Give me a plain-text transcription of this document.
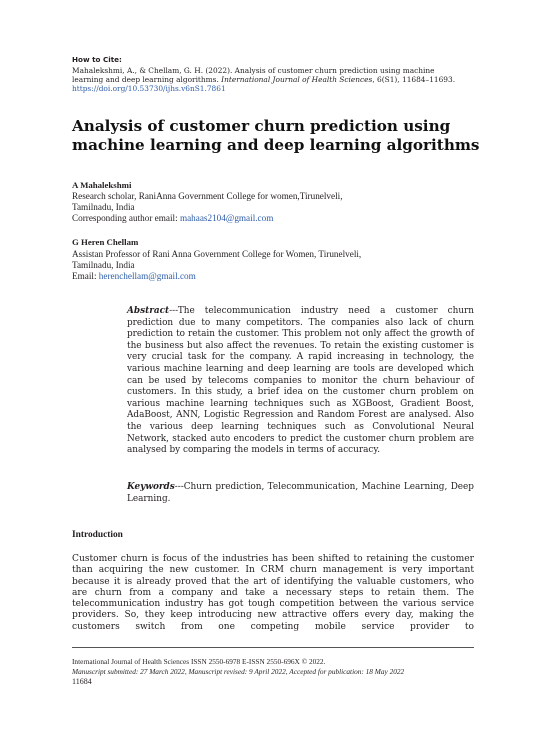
How to Cite:
Mahalekshmi, A., & Chellam, G. H. (2022). Analysis of customer churn prediction using machine
learning and deep learning algorithms. International Journal of Health Sciences, 6(S1), 11684–11693.
https://doi.org/10.53730/ijhs.v6nS1.7861
Analysis of customer churn prediction using machine learning and deep learning algorithms
A Mahalekshmi
Research scholar, RaniAnna Government College for women,Tirunelveli,
Tamilnadu, India
Corresponding author email: mahaas2104@gmail.com
G Heren Chellam
Assistan Professor of Rani Anna Government College for Women, Tirunelveli,
Tamilnadu, India
Email: herenchellam@gmail.com
Abstract---The telecommunication industry need a customer churn prediction due to many competitors. The companies also lack of churn prediction to retain the customer. This problem not only affect the growth of the business but also affect the revenues. To retain the existing customer is very crucial task for the company. A rapid increasing in technology, the various machine learning and deep learning are tools are developed which can be used by telecoms companies to monitor the churn behaviour of customers. In this study, a brief idea on the customer churn problem on various machine learning techniques such as XGBoost, Gradient Boost, AdaBoost, ANN, Logistic Regression and Random Forest are analysed. Also the various deep learning techniques such as Convolutional Neural Network, stacked auto encoders to predict the customer churn problem are analysed by comparing the models in terms of accuracy.
Keywords---Churn prediction, Telecommunication, Machine Learning, Deep Learning.
Introduction
Customer churn is focus of the industries has been shifted to retaining the customer than acquiring the new customer. In CRM churn management is very important because it is already proved that the art of identifying the valuable customers, who are churn from a company and take a necessary steps to retain them. The telecommunication industry has got tough competition between the various service providers. So, they keep introducing new attractive offers every day, making the customers switch from one competing mobile service provider to
International Journal of Health Sciences ISSN 2550-6978 E-ISSN 2550-696X © 2022.
Manuscript submitted: 27 March 2022, Manuscript revised: 9 April 2022, Accepted for publication: 18 May 2022
11684
